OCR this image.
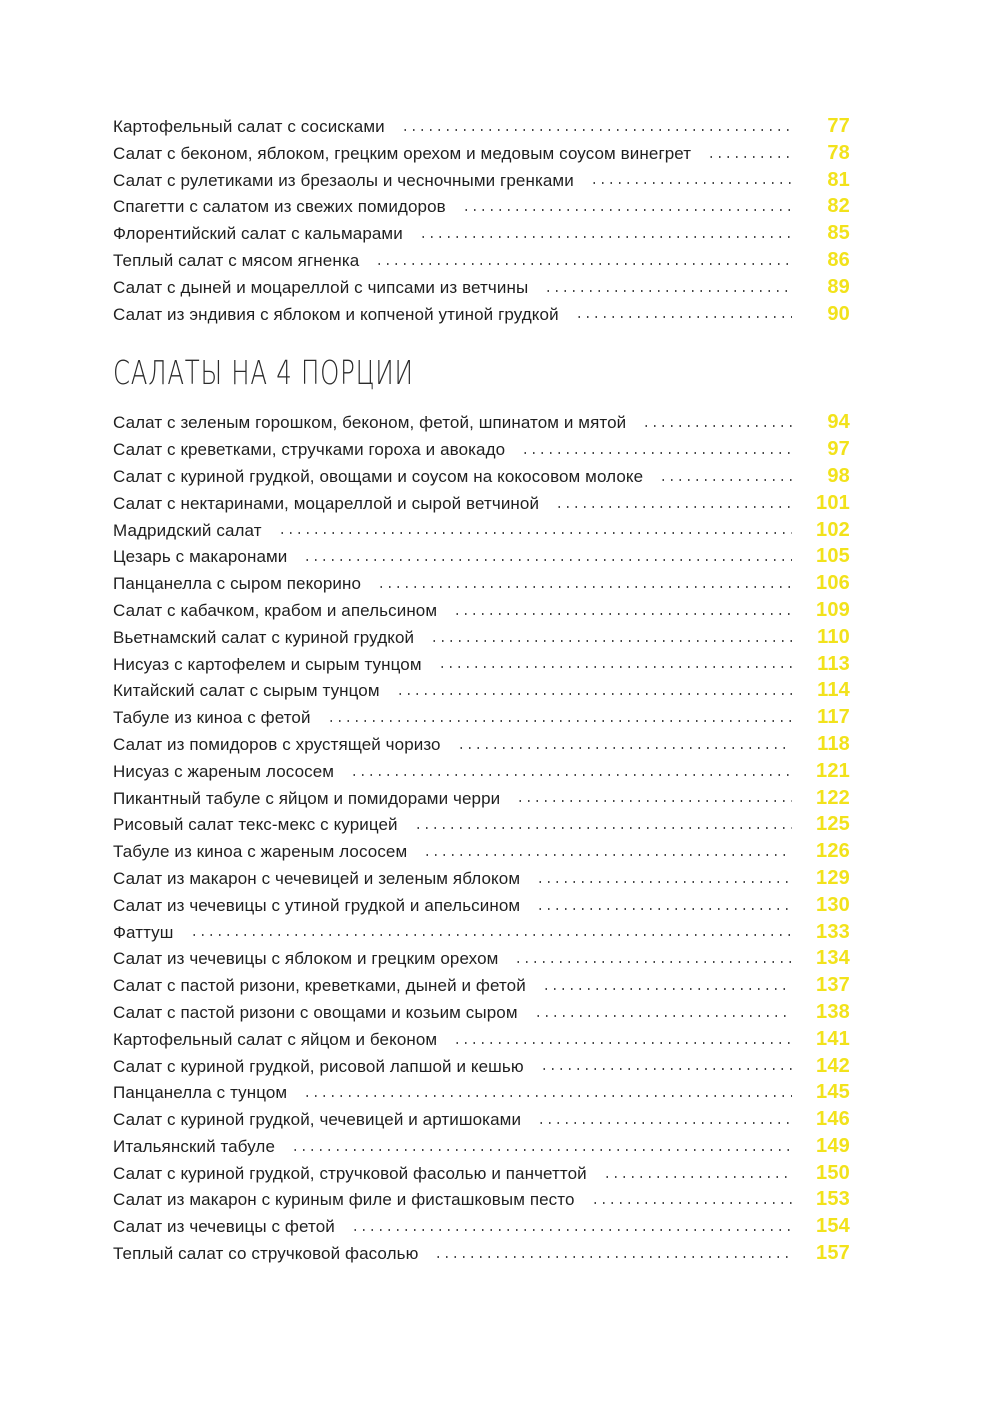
Картофельный салат с сосисками	77
Салат с беконом, яблоком, грецким орехом и медовым соусом винегрет	78
Салат с рулетиками из брезаолы и чесночными гренками	81
Спагетти с салатом из свежих помидоров	82
Флорентийский салат с кальмарами	85
Теплый салат с мясом ягненка	86
Салат с дыней и моцареллой с чипсами из ветчины	89
Салат из эндивия с яблоком и копченой утиной грудкой	90
САЛАТЫ НА 4 ПОРЦИИ
Салат с зеленым горошком, беконом, фетой, шпинатом и мятой	94
Салат с креветками, стручками гороха и авокадо	97
Салат с куриной грудкой, овощами и соусом на кокосовом молоке	98
Салат с нектаринами, моцареллой и сырой ветчиной	101
Мадридский салат	102
Цезарь с макаронами	105
Панцанелла с сыром пекорино	106
Салат с кабачком, крабом и апельсином	109
Вьетнамский салат с куриной грудкой	110
Нисуаз с картофелем и сырым тунцом	113
Китайский салат с сырым тунцом	114
Табуле из киноа с фетой	117
Салат из помидоров с хрустящей чоризо	118
Нисуаз с жареным лососем	121
Пикантный табуле с яйцом и помидорами черри	122
Рисовый салат текс-мекс с курицей	125
Табуле из киноа с жареным лососем	126
Салат из макарон с чечевицей и зеленым яблоком	129
Салат из чечевицы с утиной грудкой и апельсином	130
Фаттуш	133
Салат из чечевицы с яблоком и грецким орехом	134
Салат с пастой ризони, креветками, дыней и фетой	137
Салат с пастой ризони с овощами и козьим сыром	138
Картофельный салат с яйцом и беконом	141
Салат с куриной грудкой, рисовой лапшой и кешью	142
Панцанелла с тунцом	145
Салат с куриной грудкой, чечевицей и артишоками	146
Итальянский табуле	149
Салат с куриной грудкой, стручковой фасолью и панчеттой	150
Салат из макарон с куриным филе и фисташковым песто	153
Салат из чечевицы с фетой	154
Теплый салат со стручковой фасолью	157
